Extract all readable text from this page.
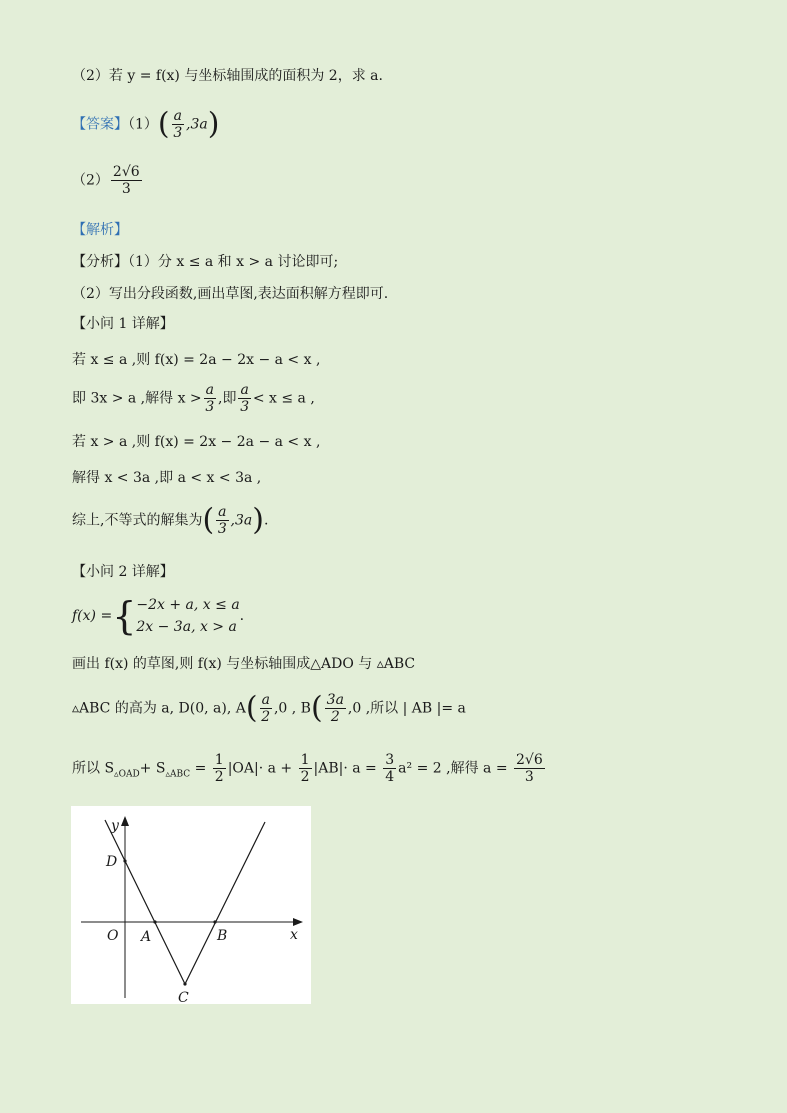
（2）若 y = f(x) 与坐标轴围成的面积为 2，求 a.
【答案】$(1)( \frac{a}{3} ,3a)$
$(2) \frac{2√6}{3}$
【解析】
【分析】（1）分 x ≤ a 和 x > a 讨论即可;
（2）写出分段函数,画出草图,表达面积解方程即可.
【小问 1 详解】
若 x ≤ a ,则 f(x) = 2a − 2x − a < x ,
即 3x > a ,解得 $x > \frac{a}{3}$ ,即 $\frac{a}{3} < x \le a$ ,
若 x > a ,则 f(x) = 2x − 2a − a < x ,
解得 x < 3a ,即 a < x < 3a ,
综上,不等式的解集为( $\frac{a}{3} ,3a$).
【小问 2 详解】
f(x) ={ −2x + a, x ≤ a
2x − 3a, x > a
.
画出 f(x) 的草图,则 f(x) 与坐标轴围成△ADO 与 ▵ABC
▵ABC 的高为 a, D(0, a), $A( \frac{a}{2} ,0$ , $B( \frac{3a}{2} ,0$ ,所以 | AB |= a
所以 $S_{▵OAD}+ S_{▵ABC} = \frac{1}{2} |OA|\cdot a + \frac{1}{2} |AB|\cdot a = \frac{3}{4} a^2 = 2$ ,解得 $a = \frac{2√6}{3}$
y
x
O
D
A	B
C
